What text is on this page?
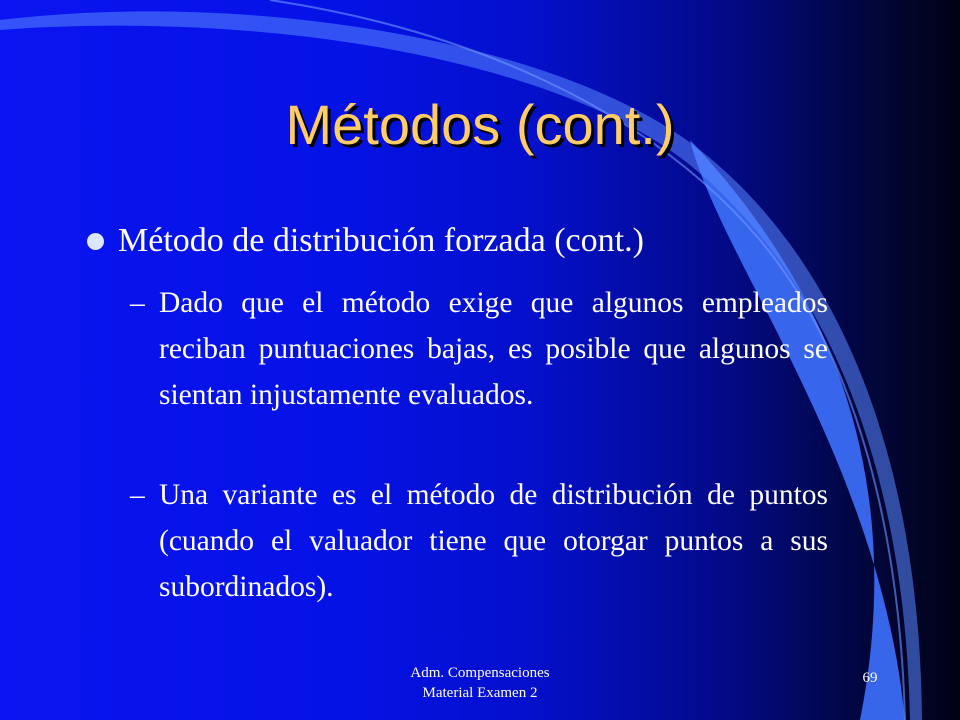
Métodos (cont.)
Método de distribución forzada (cont.)
– Dado que el método exige que algunos empleados reciban puntuaciones bajas, es posible que algunos se sientan injustamente evaluados.
– Una variante es el método de distribución de puntos (cuando el valuador tiene que otorgar puntos a sus subordinados).
Adm. Compensaciones
Material Examen 2
69
